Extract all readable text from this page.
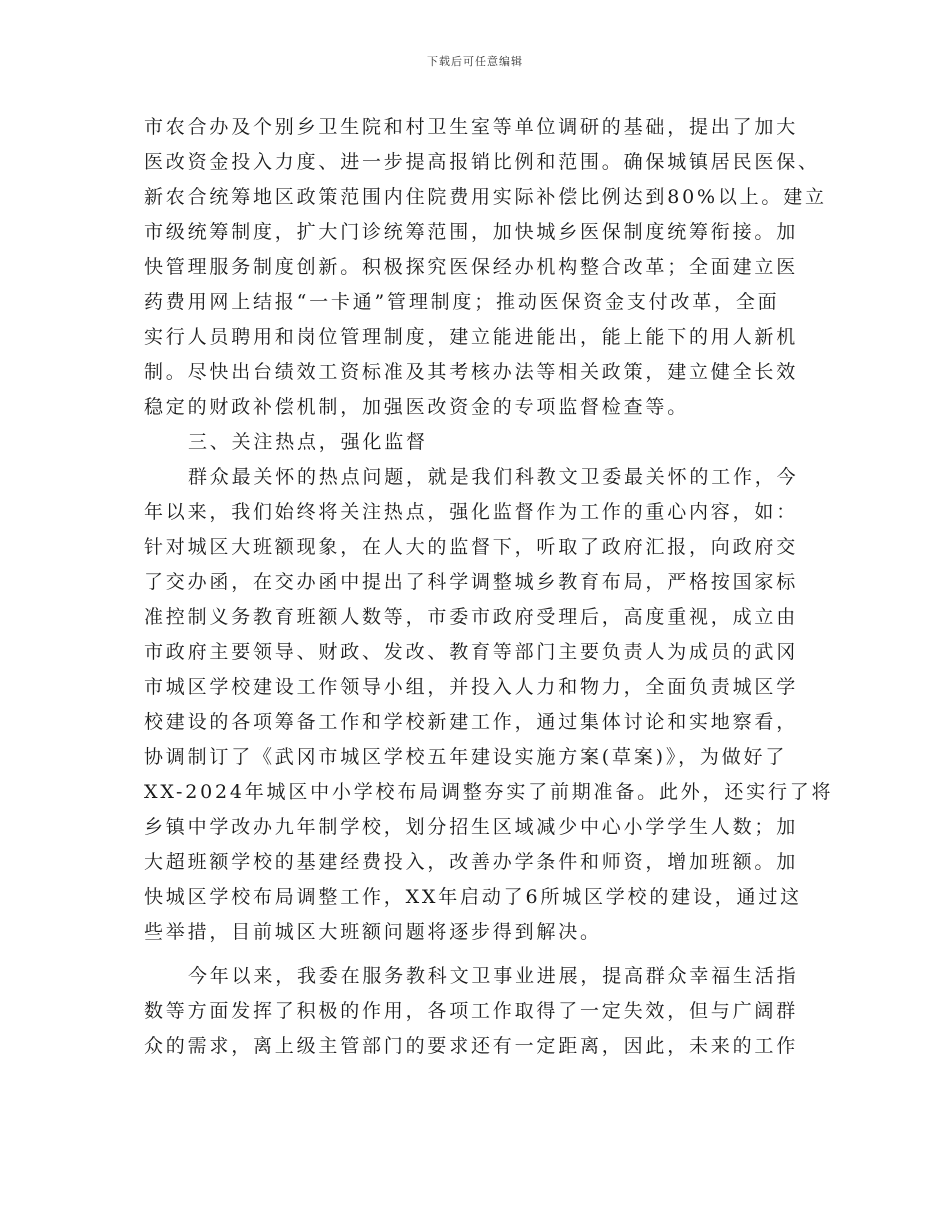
下载后可任意编辑
市农合办及个别乡卫生院和村卫生室等单位调研的基础，提出了加大
医改资金投入力度、进一步提高报销比例和范围。确保城镇居民医保、
新农合统筹地区政策范围内住院费用实际补偿比例达到80%以上。建立
市级统筹制度，扩大门诊统筹范围，加快城乡医保制度统筹衔接。加
快管理服务制度创新。积极探究医保经办机构整合改革；全面建立医
药费用网上结报“一卡通”管理制度；推动医保资金支付改革，全面
实行人员聘用和岗位管理制度，建立能进能出，能上能下的用人新机
制。尽快出台绩效工资标准及其考核办法等相关政策，建立健全长效
稳定的财政补偿机制，加强医改资金的专项监督检查等。
三、关注热点，强化监督
群众最关怀的热点问题，就是我们科教文卫委最关怀的工作，今
年以来，我们始终将关注热点，强化监督作为工作的重心内容，如：
针对城区大班额现象，在人大的监督下，听取了政府汇报，向政府交
了交办函，在交办函中提出了科学调整城乡教育布局，严格按国家标
准控制义务教育班额人数等，市委市政府受理后，高度重视，成立由
市政府主要领导、财政、发改、教育等部门主要负责人为成员的武冈
市城区学校建设工作领导小组，并投入人力和物力，全面负责城区学
校建设的各项筹备工作和学校新建工作，通过集体讨论和实地察看，
协调制订了《武冈市城区学校五年建设实施方案(草案)》，为做好了
XX-2024年城区中小学校布局调整夯实了前期准备。此外，还实行了将
乡镇中学改办九年制学校，划分招生区域减少中心小学学生人数；加
大超班额学校的基建经费投入，改善办学条件和师资，增加班额。加
快城区学校布局调整工作，XX年启动了6所城区学校的建设，通过这
些举措，目前城区大班额问题将逐步得到解决。
今年以来，我委在服务教科文卫事业进展，提高群众幸福生活指
数等方面发挥了积极的作用，各项工作取得了一定失效，但与广阔群
众的需求，离上级主管部门的要求还有一定距离，因此，未来的工作
